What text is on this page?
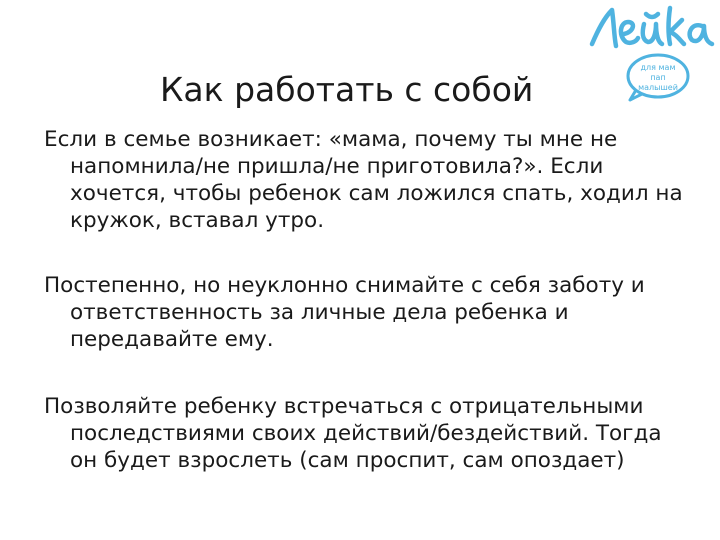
Как работать с собой
для мам
пап
малышей

Если в семье возникает: «мама, почему ты мне не напомнила/не пришла/не приготовила?». Если хочется, чтобы ребенок сам ложился спать, ходил на кружок, вставал утро.

Постепенно, но неуклонно снимайте с себя заботу и ответственность за личные дела ребенка и передавайте ему.

Позволяйте ребенку встречаться с отрицательными последствиями своих действий/бездействий. Тогда он будет взрослеть (сам проспит, сам опоздает)
